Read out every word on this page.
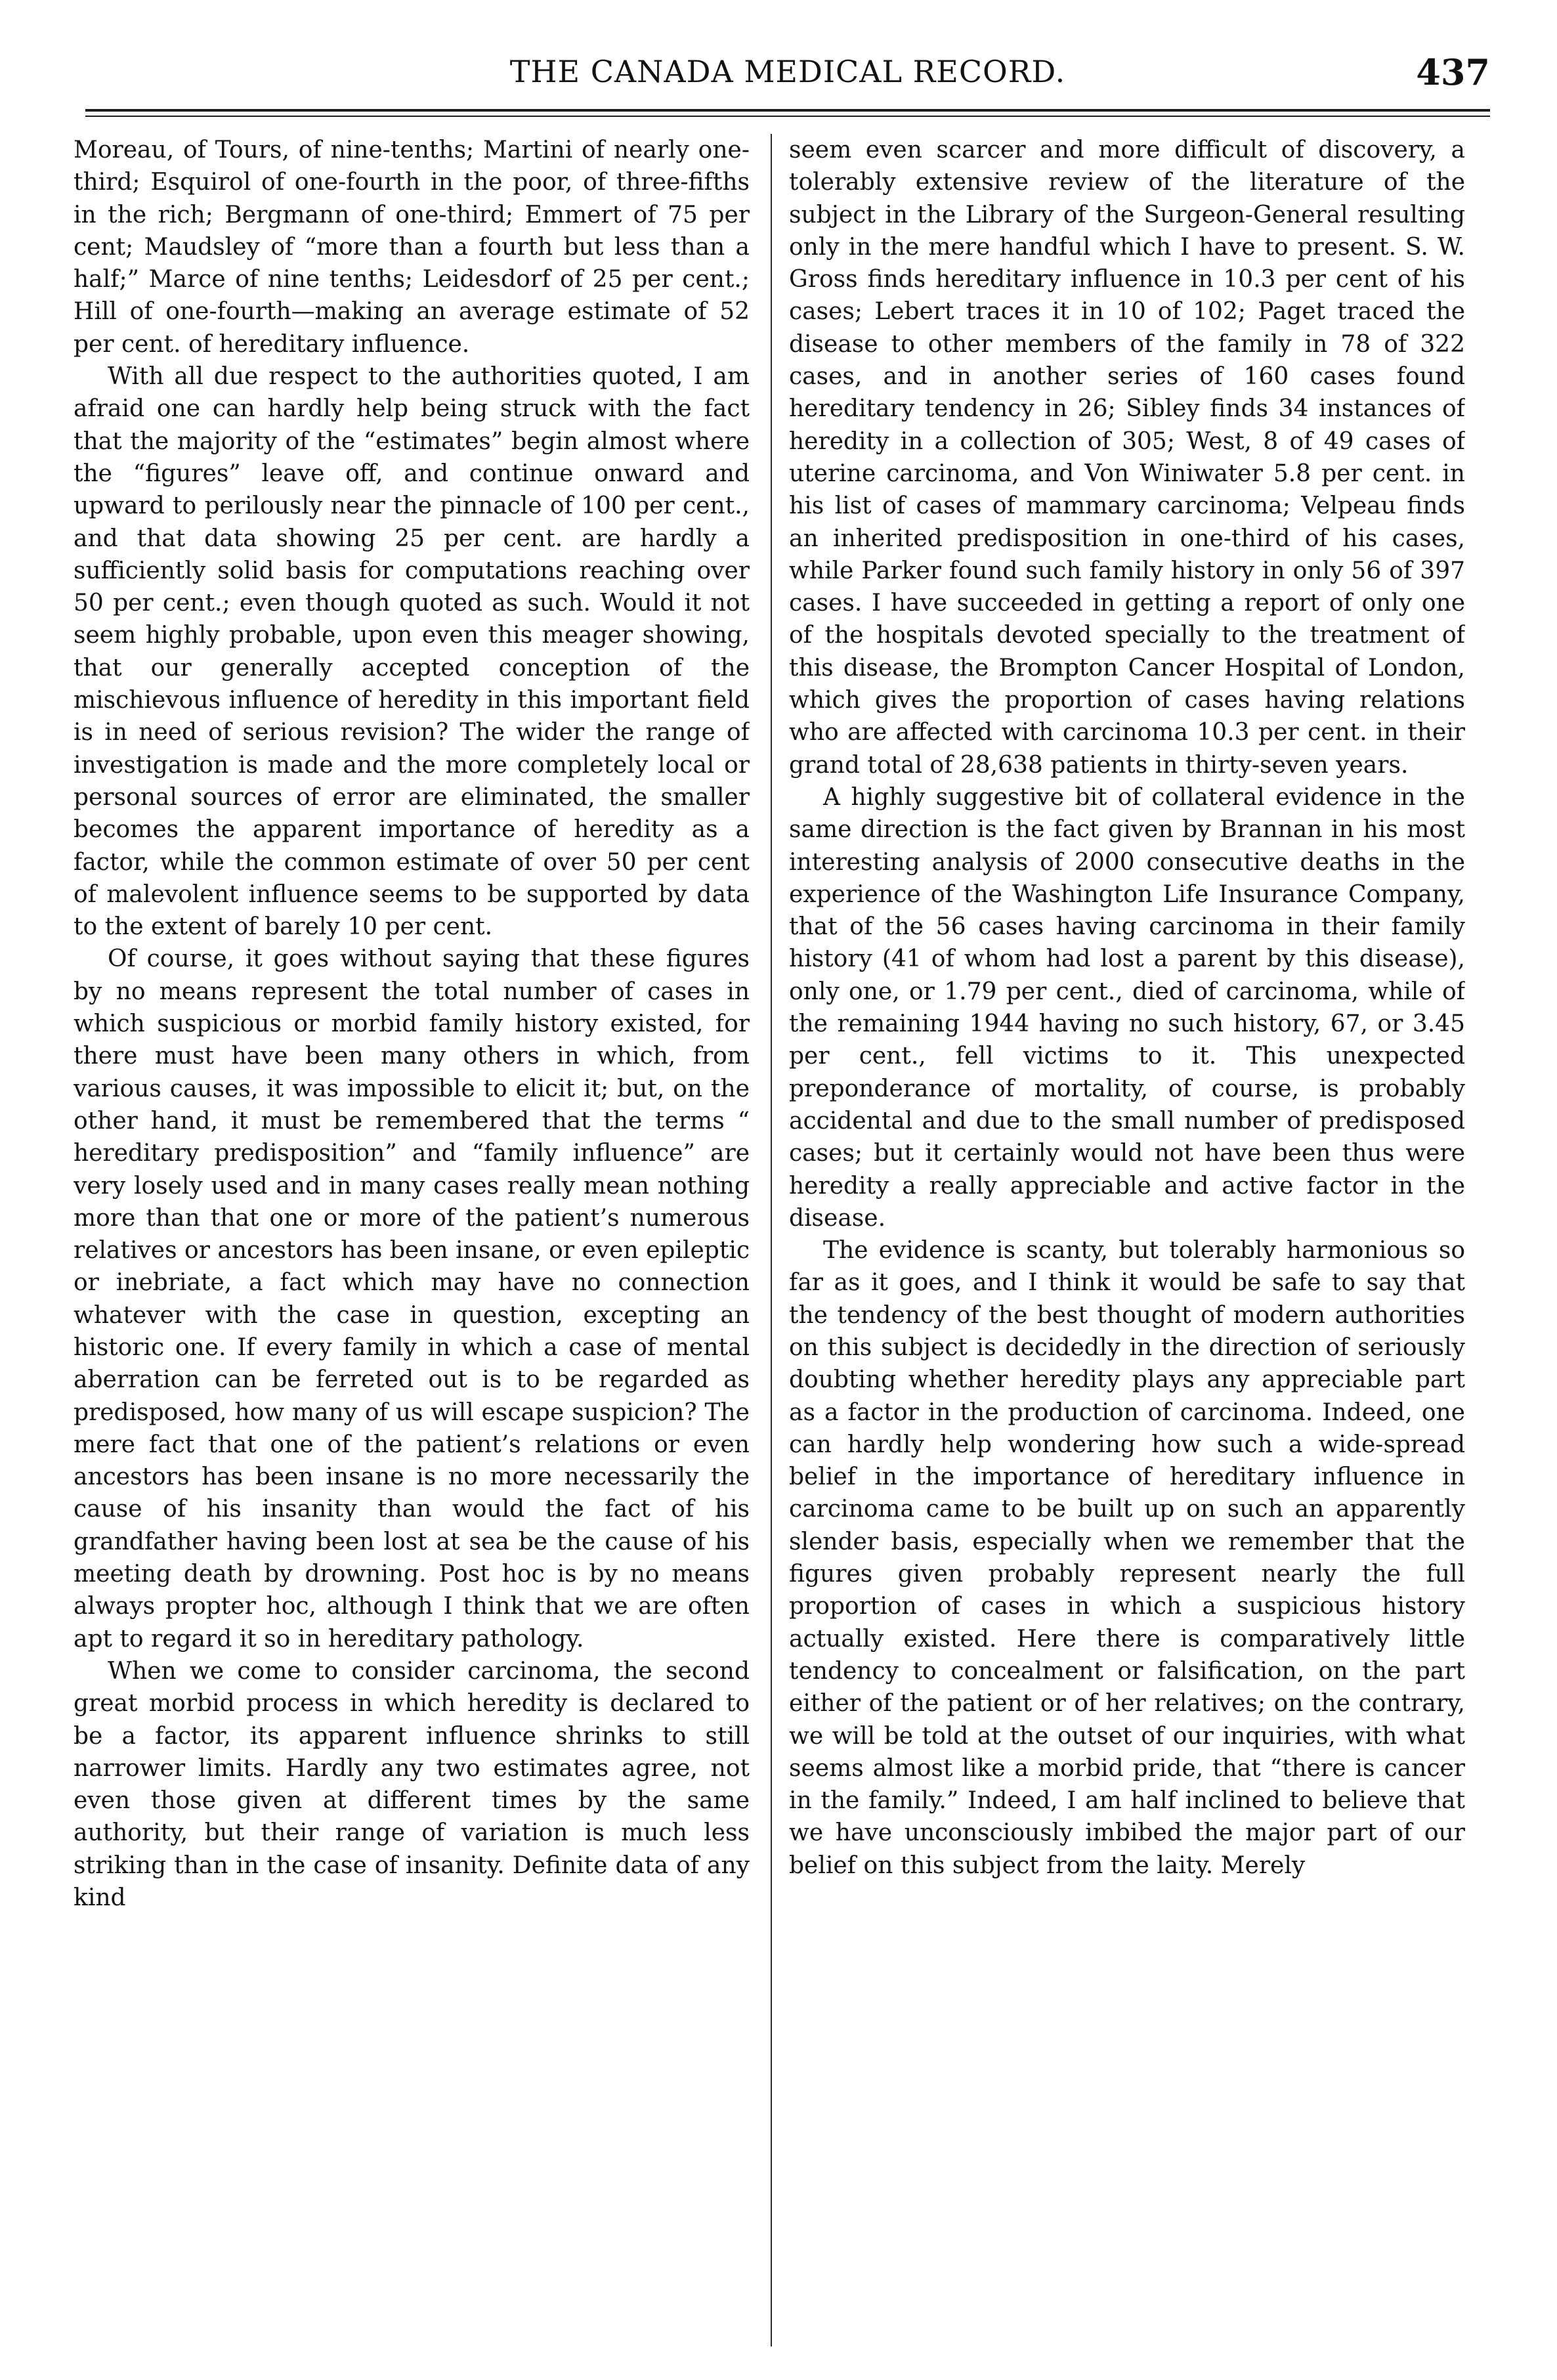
THE CANADA MEDICAL RECORD.	437

Moreau, of Tours, of nine-tenths; Martini of nearly one-third; Esquirol of one-fourth in the poor, of three-fifths in the rich; Bergmann of one-third; Emmert of 75 per cent; Maudsley of “more than a fourth but less than a half;” Marce of nine tenths; Leidesdorf of 25 per cent.; Hill of one-fourth—making an average estimate of 52 per cent. of hereditary influence.

With all due respect to the authorities quoted, I am afraid one can hardly help being struck with the fact that the majority of the “estimates” begin almost where the “figures” leave off, and continue onward and upward to perilously near the pinnacle of 100 per cent., and that data showing 25 per cent. are hardly a sufficiently solid basis for computations reaching over 50 per cent.; even though quoted as such. Would it not seem highly probable, upon even this meager showing, that our generally accepted conception of the mischievous influence of heredity in this important field is in need of serious revision? The wider the range of investigation is made and the more completely local or personal sources of error are eliminated, the smaller becomes the apparent importance of heredity as a factor, while the common estimate of over 50 per cent of malevolent influence seems to be supported by data to the extent of barely 10 per cent.

Of course, it goes without saying that these figures by no means represent the total number of cases in which suspicious or morbid family history existed, for there must have been many others in which, from various causes, it was impossible to elicit it; but, on the other hand, it must be remembered that the terms “ hereditary predisposition” and “family influence” are very losely used and in many cases really mean nothing more than that one or more of the patient’s numerous relatives or ancestors has been insane, or even epileptic or inebriate, a fact which may have no connection whatever with the case in question, excepting an historic one. If every family in which a case of mental aberration can be ferreted out is to be regarded as predisposed, how many of us will escape suspicion? The mere fact that one of the patient’s relations or even ancestors has been insane is no more necessarily the cause of his insanity than would the fact of his grandfather having been lost at sea be the cause of his meeting death by drowning. Post hoc is by no means always propter hoc, although I think that we are often apt to regard it so in hereditary pathology.

When we come to consider carcinoma, the second great morbid process in which heredity is declared to be a factor, its apparent influence shrinks to still narrower limits. Hardly any two estimates agree, not even those given at different times by the same authority, but their range of variation is much less striking than in the case of insanity. Definite data of any kind

seem even scarcer and more difficult of discovery, a tolerably extensive review of the literature of the subject in the Library of the Surgeon-General resulting only in the mere handful which I have to present. S. W. Gross finds hereditary influence in 10.3 per cent of his cases; Lebert traces it in 10 of 102; Paget traced the disease to other members of the family in 78 of 322 cases, and in another series of 160 cases found hereditary tendency in 26; Sibley finds 34 instances of heredity in a collection of 305; West, 8 of 49 cases of uterine carcinoma, and Von Winiwater 5.8 per cent. in his list of cases of mammary carcinoma; Velpeau finds an inherited predisposition in one-third of his cases, while Parker found such family history in only 56 of 397 cases. I have succeeded in getting a report of only one of the hospitals devoted specially to the treatment of this disease, the Brompton Cancer Hospital of London, which gives the proportion of cases having relations who are affected with carcinoma 10.3 per cent. in their grand total of 28,638 patients in thirty-seven years.

A highly suggestive bit of collateral evidence in the same direction is the fact given by Brannan in his most interesting analysis of 2000 consecutive deaths in the experience of the Washington Life Insurance Company, that of the 56 cases having carcinoma in their family history (41 of whom had lost a parent by this disease), only one, or 1.79 per cent., died of carcinoma, while of the remaining 1944 having no such history, 67, or 3.45 per cent., fell victims to it. This unexpected preponderance of mortality, of course, is probably accidental and due to the small number of predisposed cases; but it certainly would not have been thus were heredity a really appreciable and active factor in the disease.

The evidence is scanty, but tolerably harmonious so far as it goes, and I think it would be safe to say that the tendency of the best thought of modern authorities on this subject is decidedly in the direction of seriously doubting whether heredity plays any appreciable part as a factor in the production of carcinoma. Indeed, one can hardly help wondering how such a wide-spread belief in the importance of hereditary influence in carcinoma came to be built up on such an apparently slender basis, especially when we remember that the figures given probably represent nearly the full proportion of cases in which a suspicious history actually existed. Here there is comparatively little tendency to concealment or falsification, on the part either of the patient or of her relatives; on the contrary, we will be told at the outset of our inquiries, with what seems almost like a morbid pride, that “there is cancer in the family.” Indeed, I am half inclined to believe that we have unconsciously imbibed the major part of our belief on this subject from the laity. Merely
